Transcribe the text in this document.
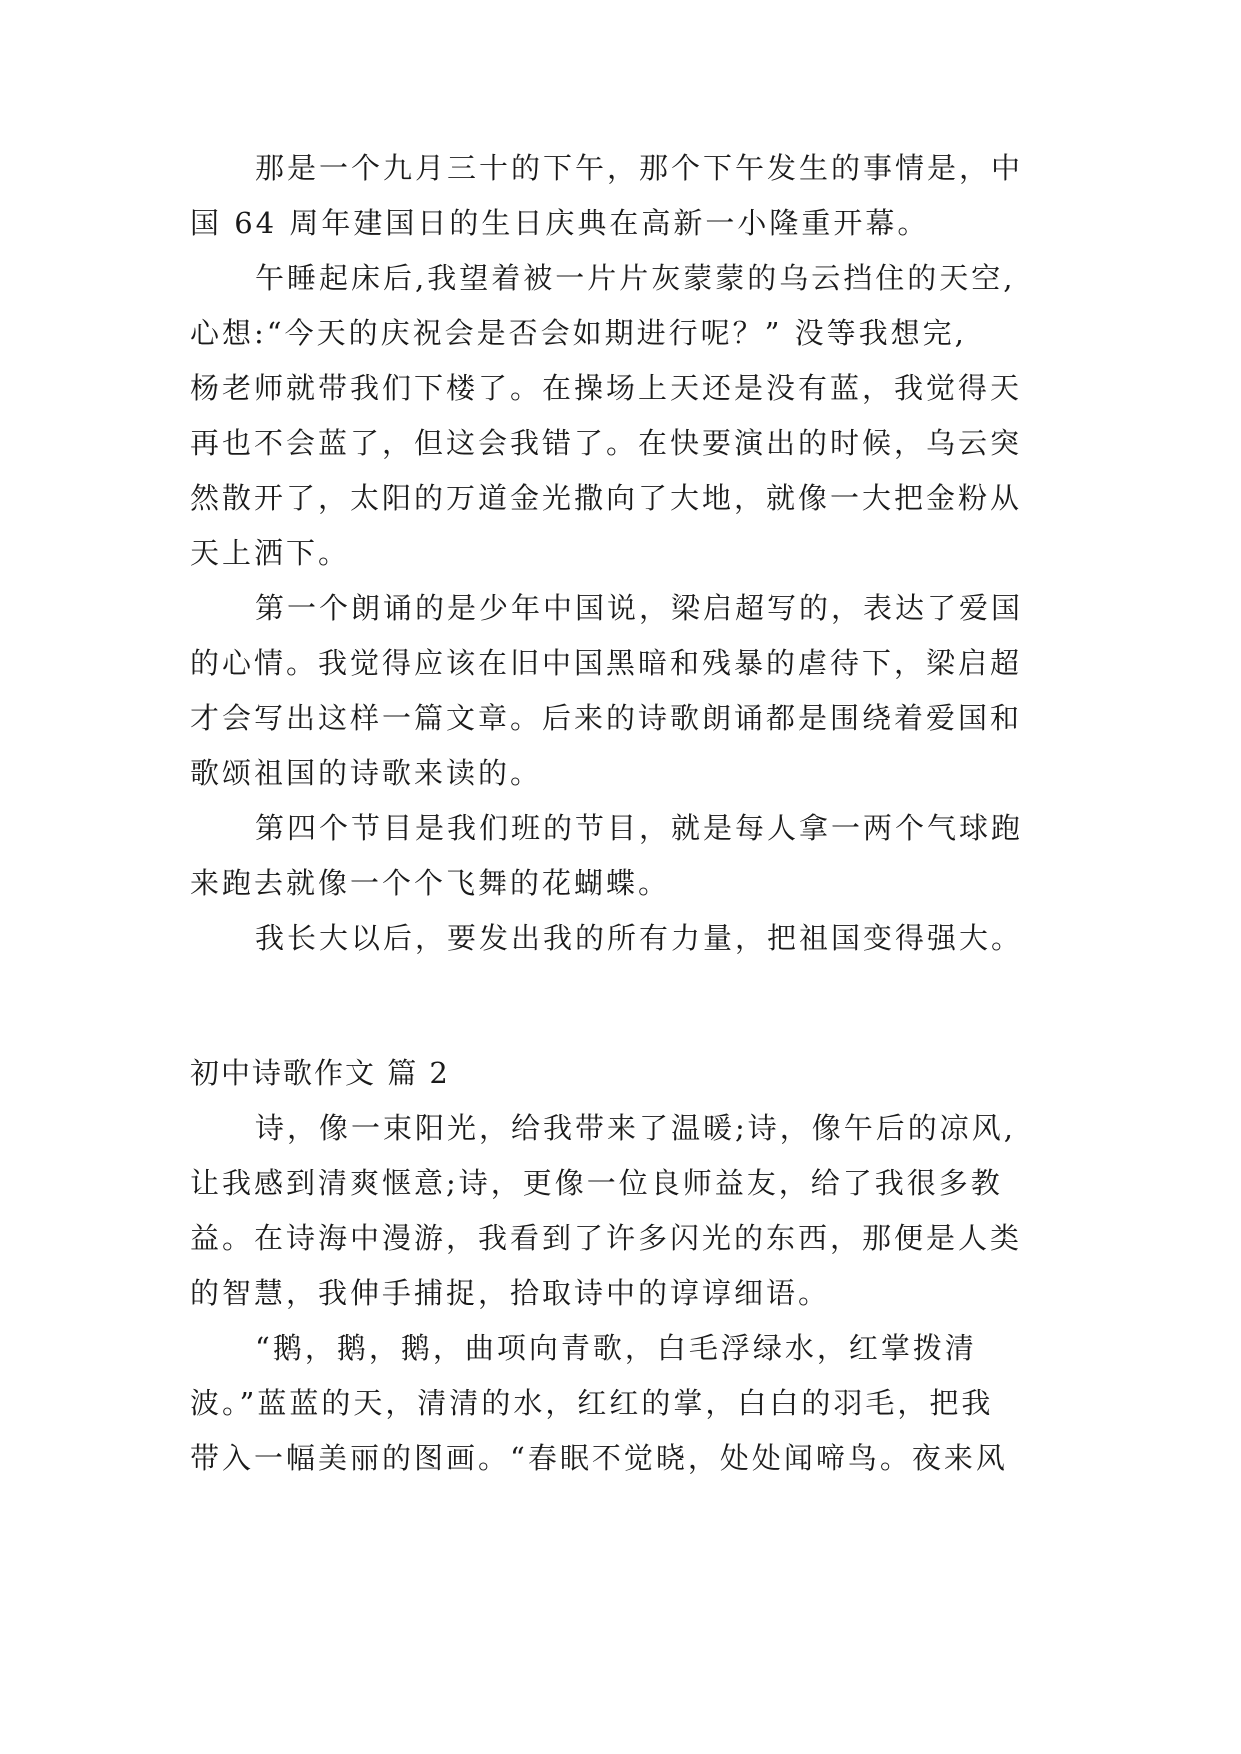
那是一个九月三十的下午，那个下午发生的事情是，中
国 64 周年建国日的生日庆典在高新一小隆重开幕。
午睡起床后,我望着被一片片灰蒙蒙的乌云挡住的天空,
心想:“今天的庆祝会是否会如期进行呢？” 没等我想完,
杨老师就带我们下楼了。在操场上天还是没有蓝，我觉得天
再也不会蓝了，但这会我错了。在快要演出的时候，乌云突
然散开了，太阳的万道金光撒向了大地，就像一大把金粉从
天上洒下。
第一个朗诵的是少年中国说，梁启超写的，表达了爱国
的心情。我觉得应该在旧中国黑暗和残暴的虐待下，梁启超
才会写出这样一篇文章。后来的诗歌朗诵都是围绕着爱国和
歌颂祖国的诗歌来读的。
第四个节目是我们班的节目，就是每人拿一两个气球跑
来跑去就像一个个飞舞的花蝴蝶。
我长大以后，要发出我的所有力量，把祖国变得强大。
初中诗歌作文 篇 2
诗，像一束阳光，给我带来了温暖;诗，像午后的凉风,
让我感到清爽惬意;诗，更像一位良师益友，给了我很多教
益。在诗海中漫游，我看到了许多闪光的东西，那便是人类
的智慧，我伸手捕捉，拾取诗中的谆谆细语。
“鹅，鹅，鹅，曲项向青歌，白毛浮绿水，红掌拨清
波。”蓝蓝的天，清清的水，红红的掌，白白的羽毛，把我
带入一幅美丽的图画。“春眠不觉晓，处处闻啼鸟。夜来风
